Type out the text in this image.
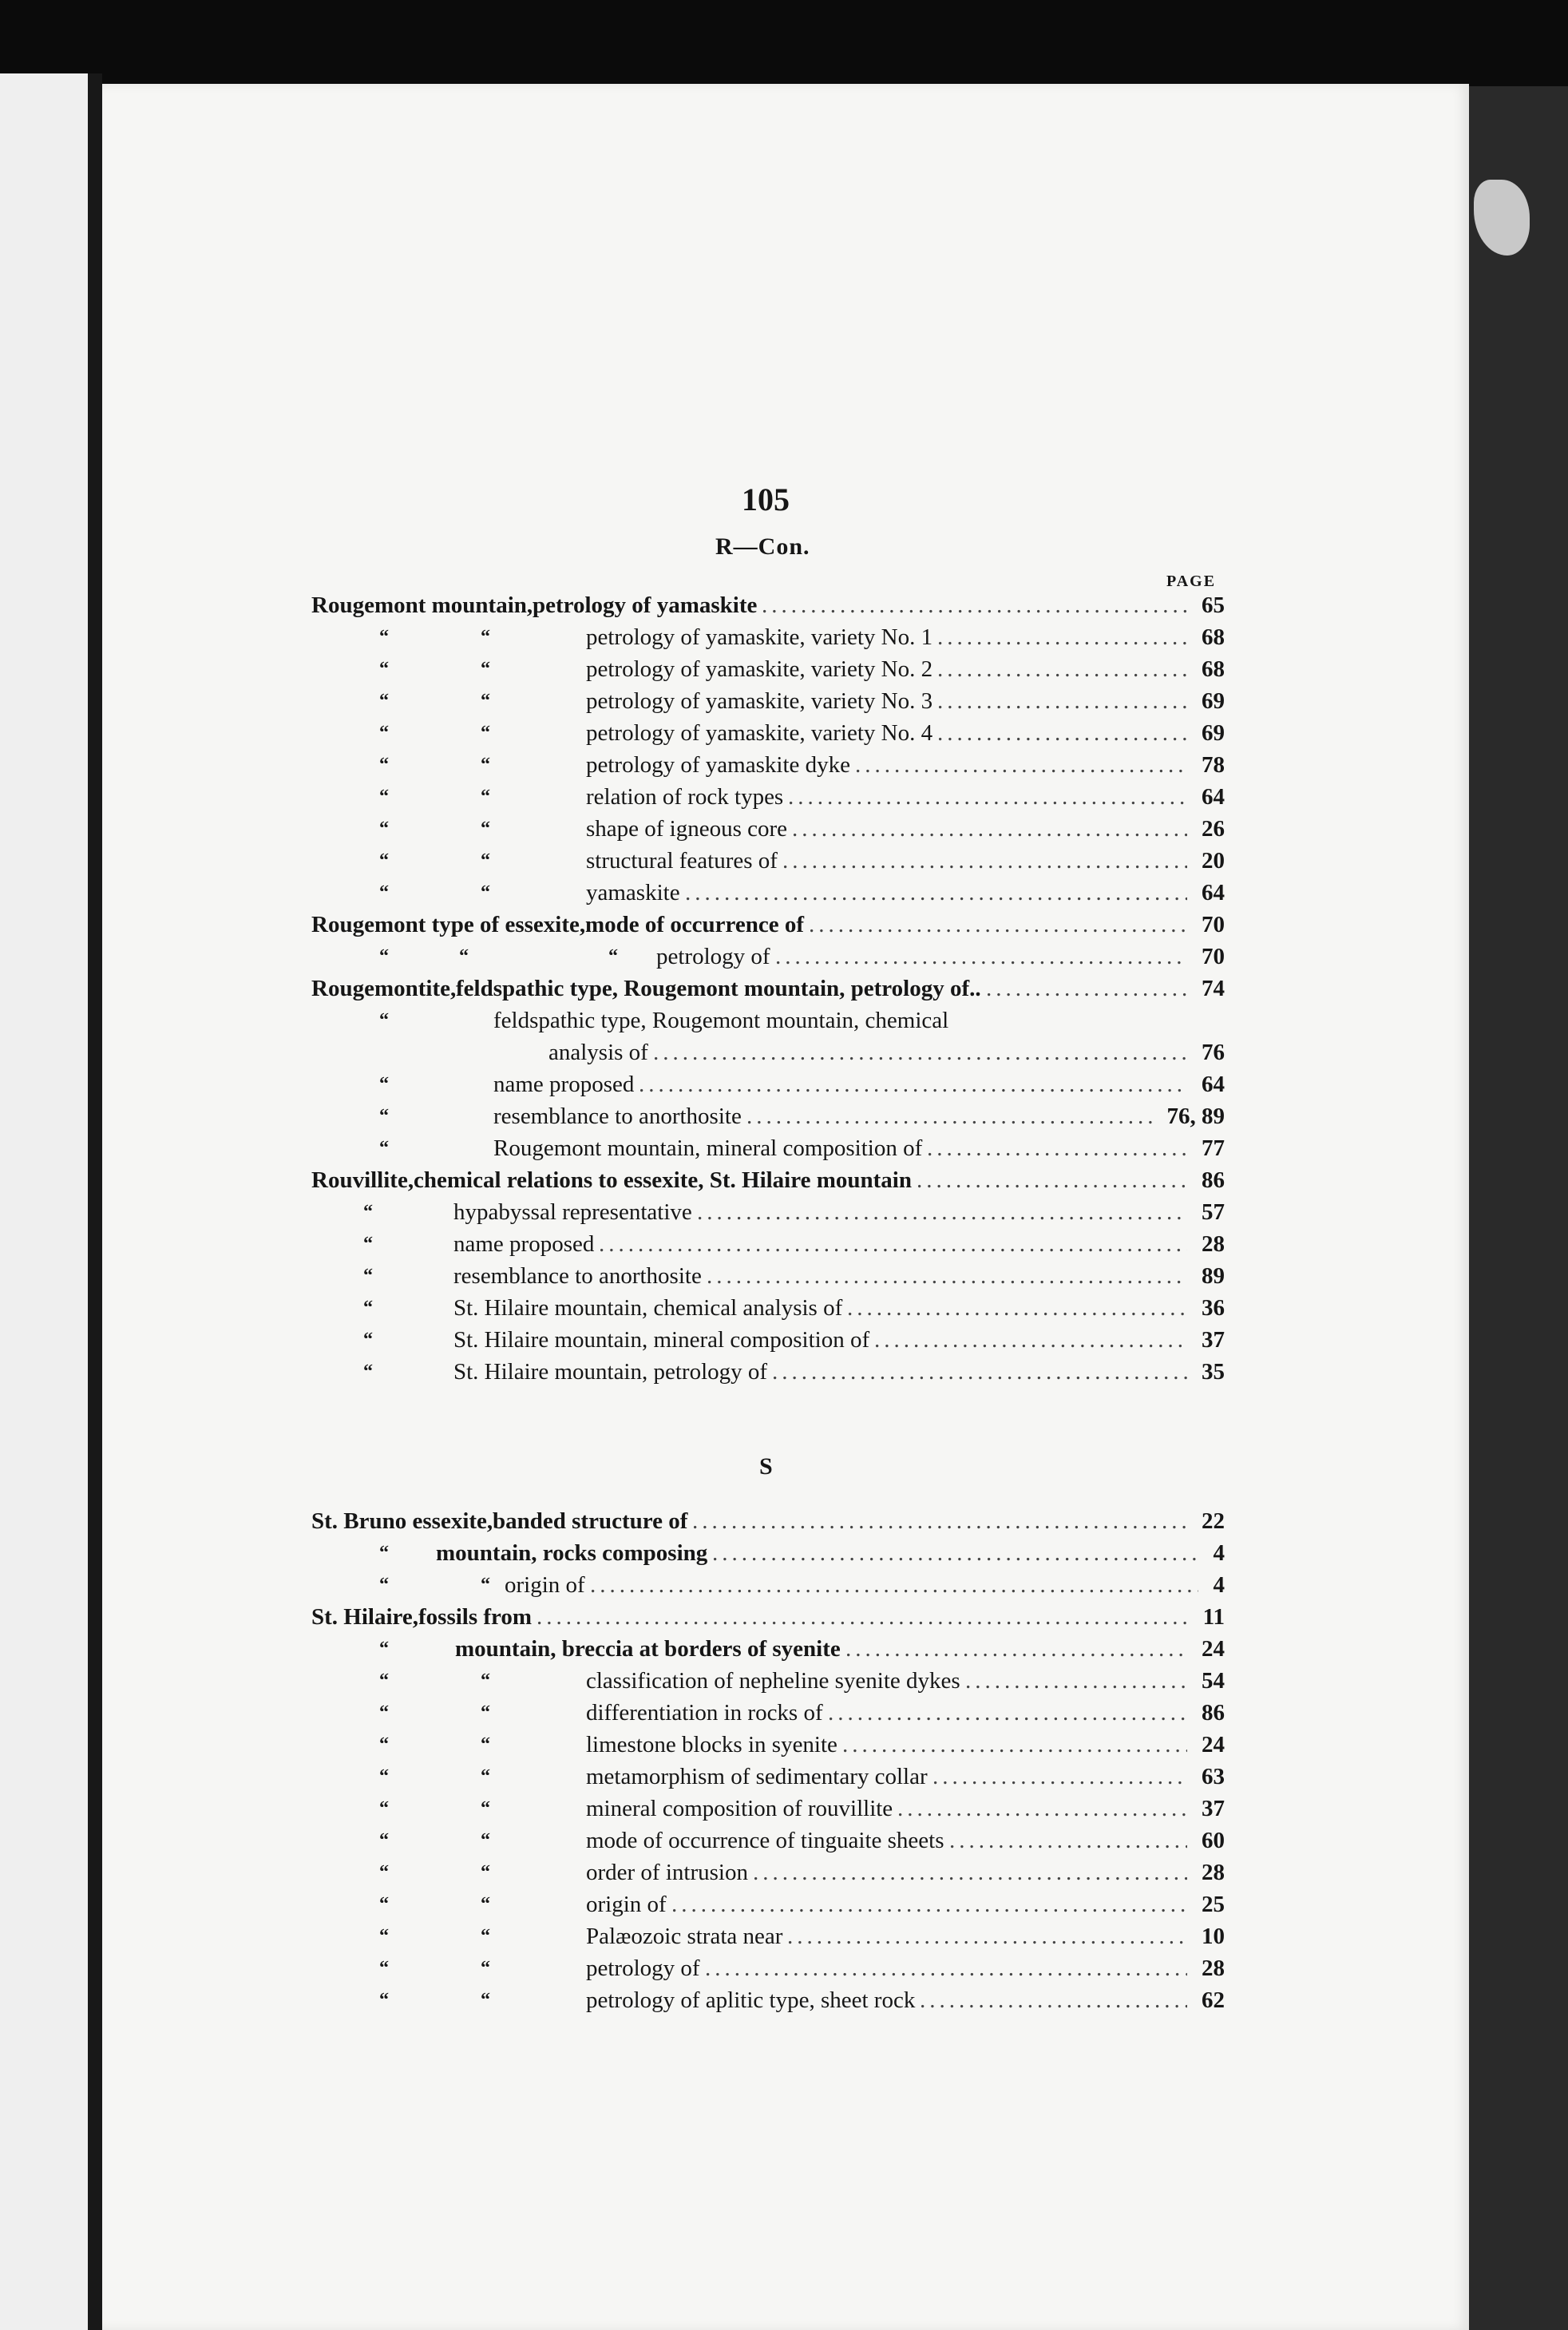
105
R—Con.
PAGE
S
Rougemont mountain, petrology of yamaskite	65
.....
“	“	petrology of yamaskite, variety No. 1	68
.....
“	“	petrology of yamaskite, variety No. 2	68
.....
“	“	petrology of yamaskite, variety No. 3	69
.....
“	“	petrology of yamaskite, variety No. 4	69
.....
“	“	petrology of yamaskite dyke	78
.....
“	“	relation of rock types	64
.....
“	“	shape of igneous core	26
.....
“	“	structural features of	20
.....
“	“	yamaskite	64
.....
Rougemont type of essexite, mode of occurrence of	70
.....
“	“	“ petrology of	70
.....
Rougemontite, feldspathic type, Rougemont mountain, petrology of..	74
.....
“	feldspathic type, Rougemont mountain, chemical
analysis of	76
.....
“	name proposed	64
.....
“	resemblance to anorthosite	76, 89
.....
“	Rougemont mountain, mineral composition of	77
.....
Rouvillite, chemical relations to essexite, St. Hilaire mountain	86
.....
“	hypabyssal representative	57
.....
“	name proposed	28
.....
“	resemblance to anorthosite	89
.....
“	St. Hilaire mountain, chemical analysis of	36
.....
“	St. Hilaire mountain, mineral composition of	37
.....
“	St. Hilaire mountain, petrology of	35
.....
St. Bruno essexite, banded structure of	22
.....
“ mountain, rocks composing	4
.....
“	“ origin of	4
.....
St. Hilaire, fossils from	11
.....
“	mountain, breccia at borders of syenite	24
.....
“	“	classification of nepheline syenite dykes	54
.....
“	“	differentiation in rocks of	86
.....
“	“	limestone blocks in syenite	24
.....
“	“	metamorphism of sedimentary collar	63
.....
“	“	mineral composition of rouvillite	37
.....
“	“	mode of occurrence of tinguaite sheets	60
.....
“	“	order of intrusion	28
.....
“	“	origin of	25
.....
“	“	Palæozoic strata near	10
.....
“	“	petrology of	28
.....
“	“	petrology of aplitic type, sheet rock	62
.....
